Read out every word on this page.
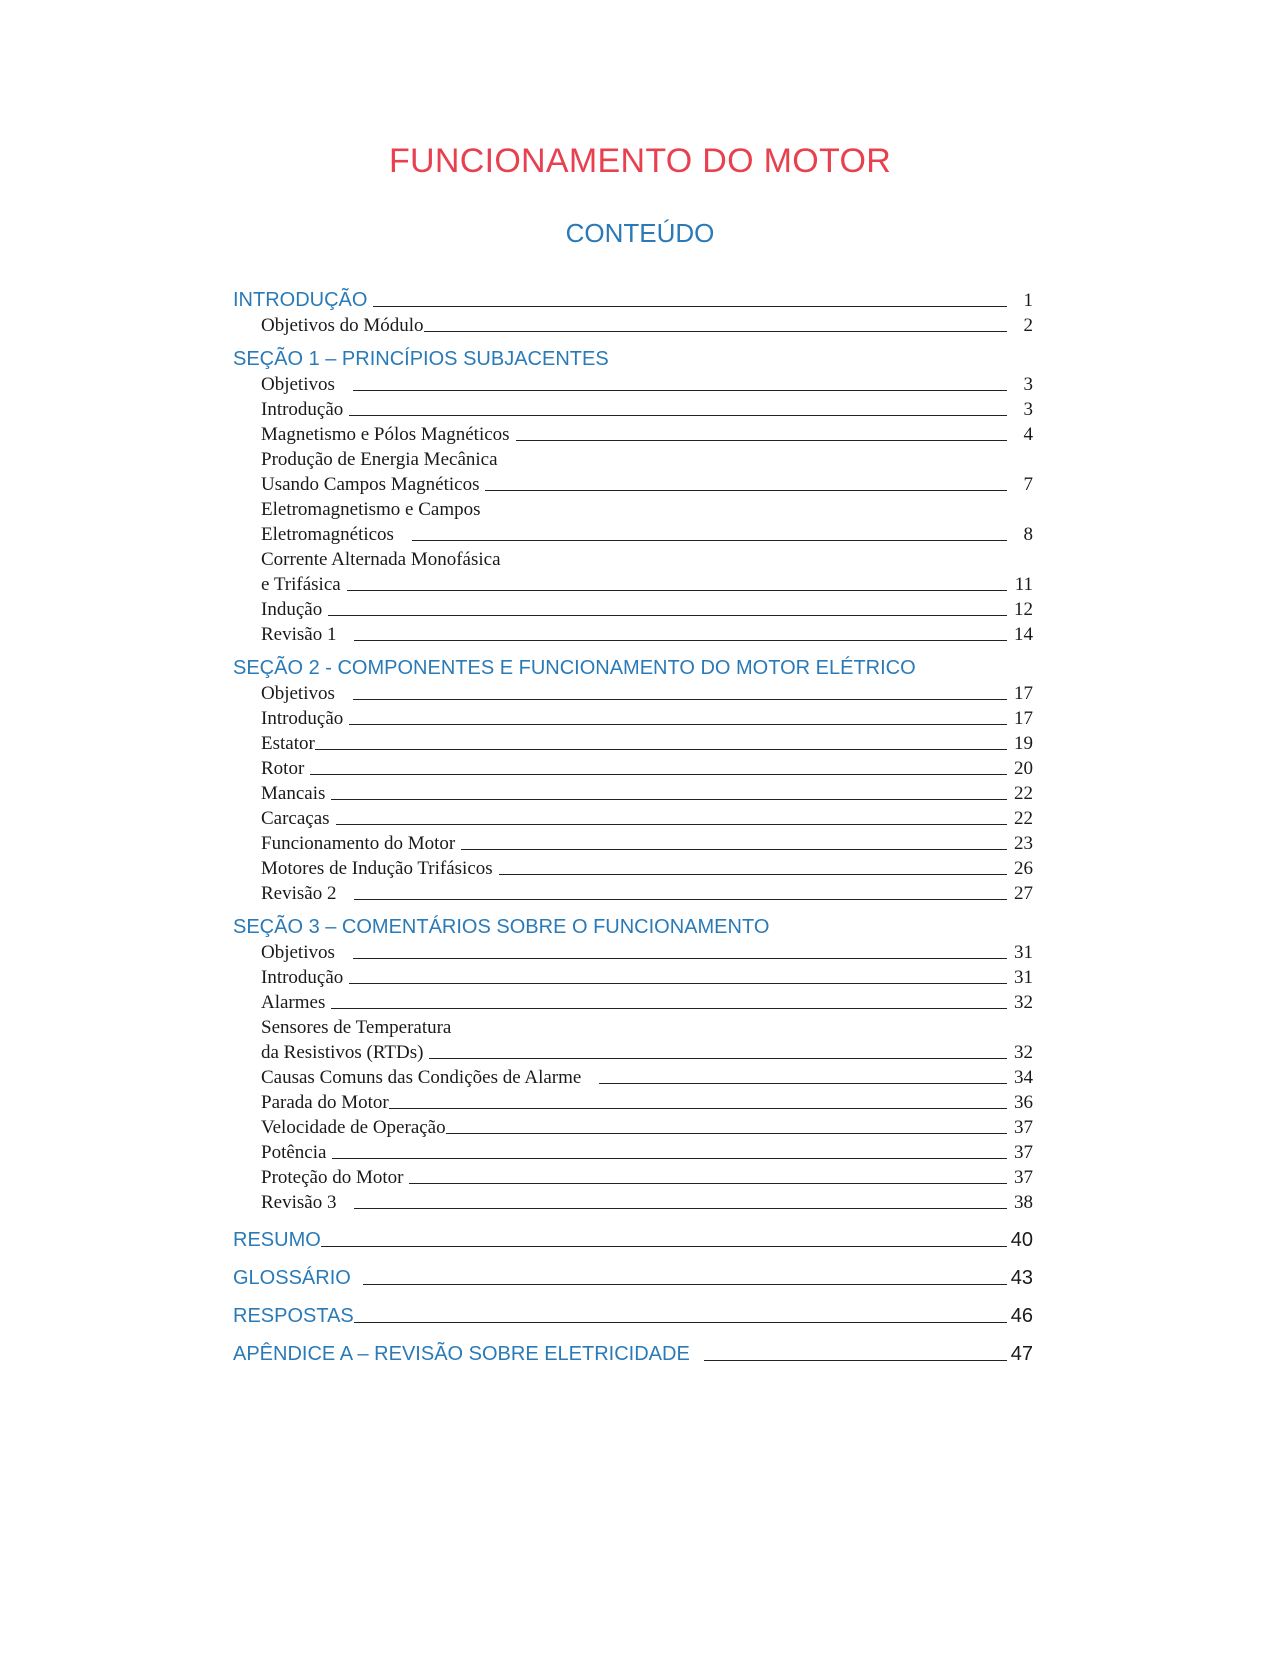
FUNCIONAMENTO DO MOTOR
CONTEÚDO
INTRODUÇÃO	1
Objetivos do Módulo	2
SEÇÃO 1 – PRINCÍPIOS SUBJACENTES
Objetivos	3
Introdução	3
Magnetismo e Pólos Magnéticos	4
Produção de Energia Mecânica
Usando Campos Magnéticos	7
Eletromagnetismo e Campos
Eletromagnéticos	8
Corrente Alternada Monofásica
e Trifásica	11
Indução	12
Revisão 1	14
SEÇÃO 2 - COMPONENTES E FUNCIONAMENTO DO MOTOR ELÉTRICO
Objetivos	17
Introdução	17
Estator	19
Rotor	20
Mancais	22
Carcaças	22
Funcionamento do Motor	23
Motores de Indução Trifásicos	26
Revisão 2	27
SEÇÃO 3 – COMENTÁRIOS SOBRE O FUNCIONAMENTO
Objetivos	31
Introdução	31
Alarmes	32
Sensores de Temperatura
da Resistivos (RTDs)	32
Causas Comuns das Condições de Alarme	34
Parada do Motor	36
Velocidade de Operação	37
Potência	37
Proteção do Motor	37
Revisão 3	38
RESUMO	40
GLOSSÁRIO	43
RESPOSTAS	46
APÊNDICE A – REVISÃO SOBRE ELETRICIDADE	47
